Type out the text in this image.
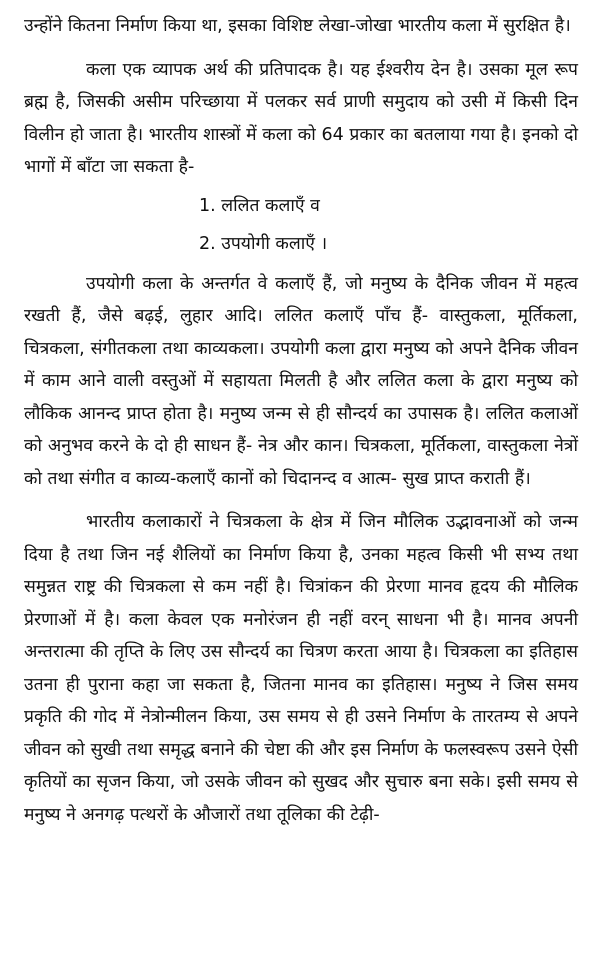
उन्होंने कितना निर्माण किया था, इसका विशिष्ट लेखा-जोखा भारतीय कला में सुरक्षित है।

कला एक व्यापक अर्थ की प्रतिपादक है। यह ईश्वरीय देन है। उसका मूल रूप ब्रह्म है, जिसकी असीम परिच्छाया में पलकर सर्व प्राणी समुदाय को उसी में किसी दिन विलीन हो जाता है। भारतीय शास्त्रों में कला को 64 प्रकार का बतलाया गया है। इनको दो भागों में बाँटा जा सकता है-

1. ललित कलाएँ व
2. उपयोगी कलाएँ ।

उपयोगी कला के अन्तर्गत वे कलाएँ हैं, जो मनुष्य के दैनिक जीवन में महत्व रखती हैं, जैसे बढ़ई, लुहार आदि। ललित कलाएँ पाँच हैं- वास्तुकला, मूर्तिकला, चित्रकला, संगीतकला तथा काव्यकला। उपयोगी कला द्वारा मनुष्य को अपने दैनिक जीवन में काम आने वाली वस्तुओं में सहायता मिलती है और ललित कला के द्वारा मनुष्य को लौकिक आनन्द प्राप्त होता है। मनुष्य जन्म से ही सौन्दर्य का उपासक है। ललित कलाओं को अनुभव करने के दो ही साधन हैं- नेत्र और कान। चित्रकला, मूर्तिकला, वास्तुकला नेत्रों को तथा संगीत व काव्य-कलाएँ कानों को चिदानन्द व आत्म- सुख प्राप्त कराती हैं।

भारतीय कलाकारों ने चित्रकला के क्षेत्र में जिन मौलिक उद्भावनाओं को जन्म दिया है तथा जिन नई शैलियों का निर्माण किया है, उनका महत्व किसी भी सभ्य तथा समुन्नत राष्ट्र की चित्रकला से कम नहीं है। चित्रांकन की प्रेरणा मानव हृदय की मौलिक प्रेरणाओं में है। कला केवल एक मनोरंजन ही नहीं वरन् साधना भी है। मानव अपनी अन्तरात्मा की तृप्ति के लिए उस सौन्दर्य का चित्रण करता आया है। चित्रकला का इतिहास उतना ही पुराना कहा जा सकता है, जितना मानव का इतिहास। मनुष्य ने जिस समय प्रकृति की गोद में नेत्रोन्मीलन किया, उस समय से ही उसने निर्माण के तारतम्य से अपने जीवन को सुखी तथा समृद्ध बनाने की चेष्टा की और इस निर्माण के फलस्वरूप उसने ऐसी कृतियों का सृजन किया, जो उसके जीवन को सुखद और सुचारु बना सके। इसी समय से मनुष्य ने अनगढ़ पत्थरों के औजारों तथा तूलिका की टेढ़ी-
